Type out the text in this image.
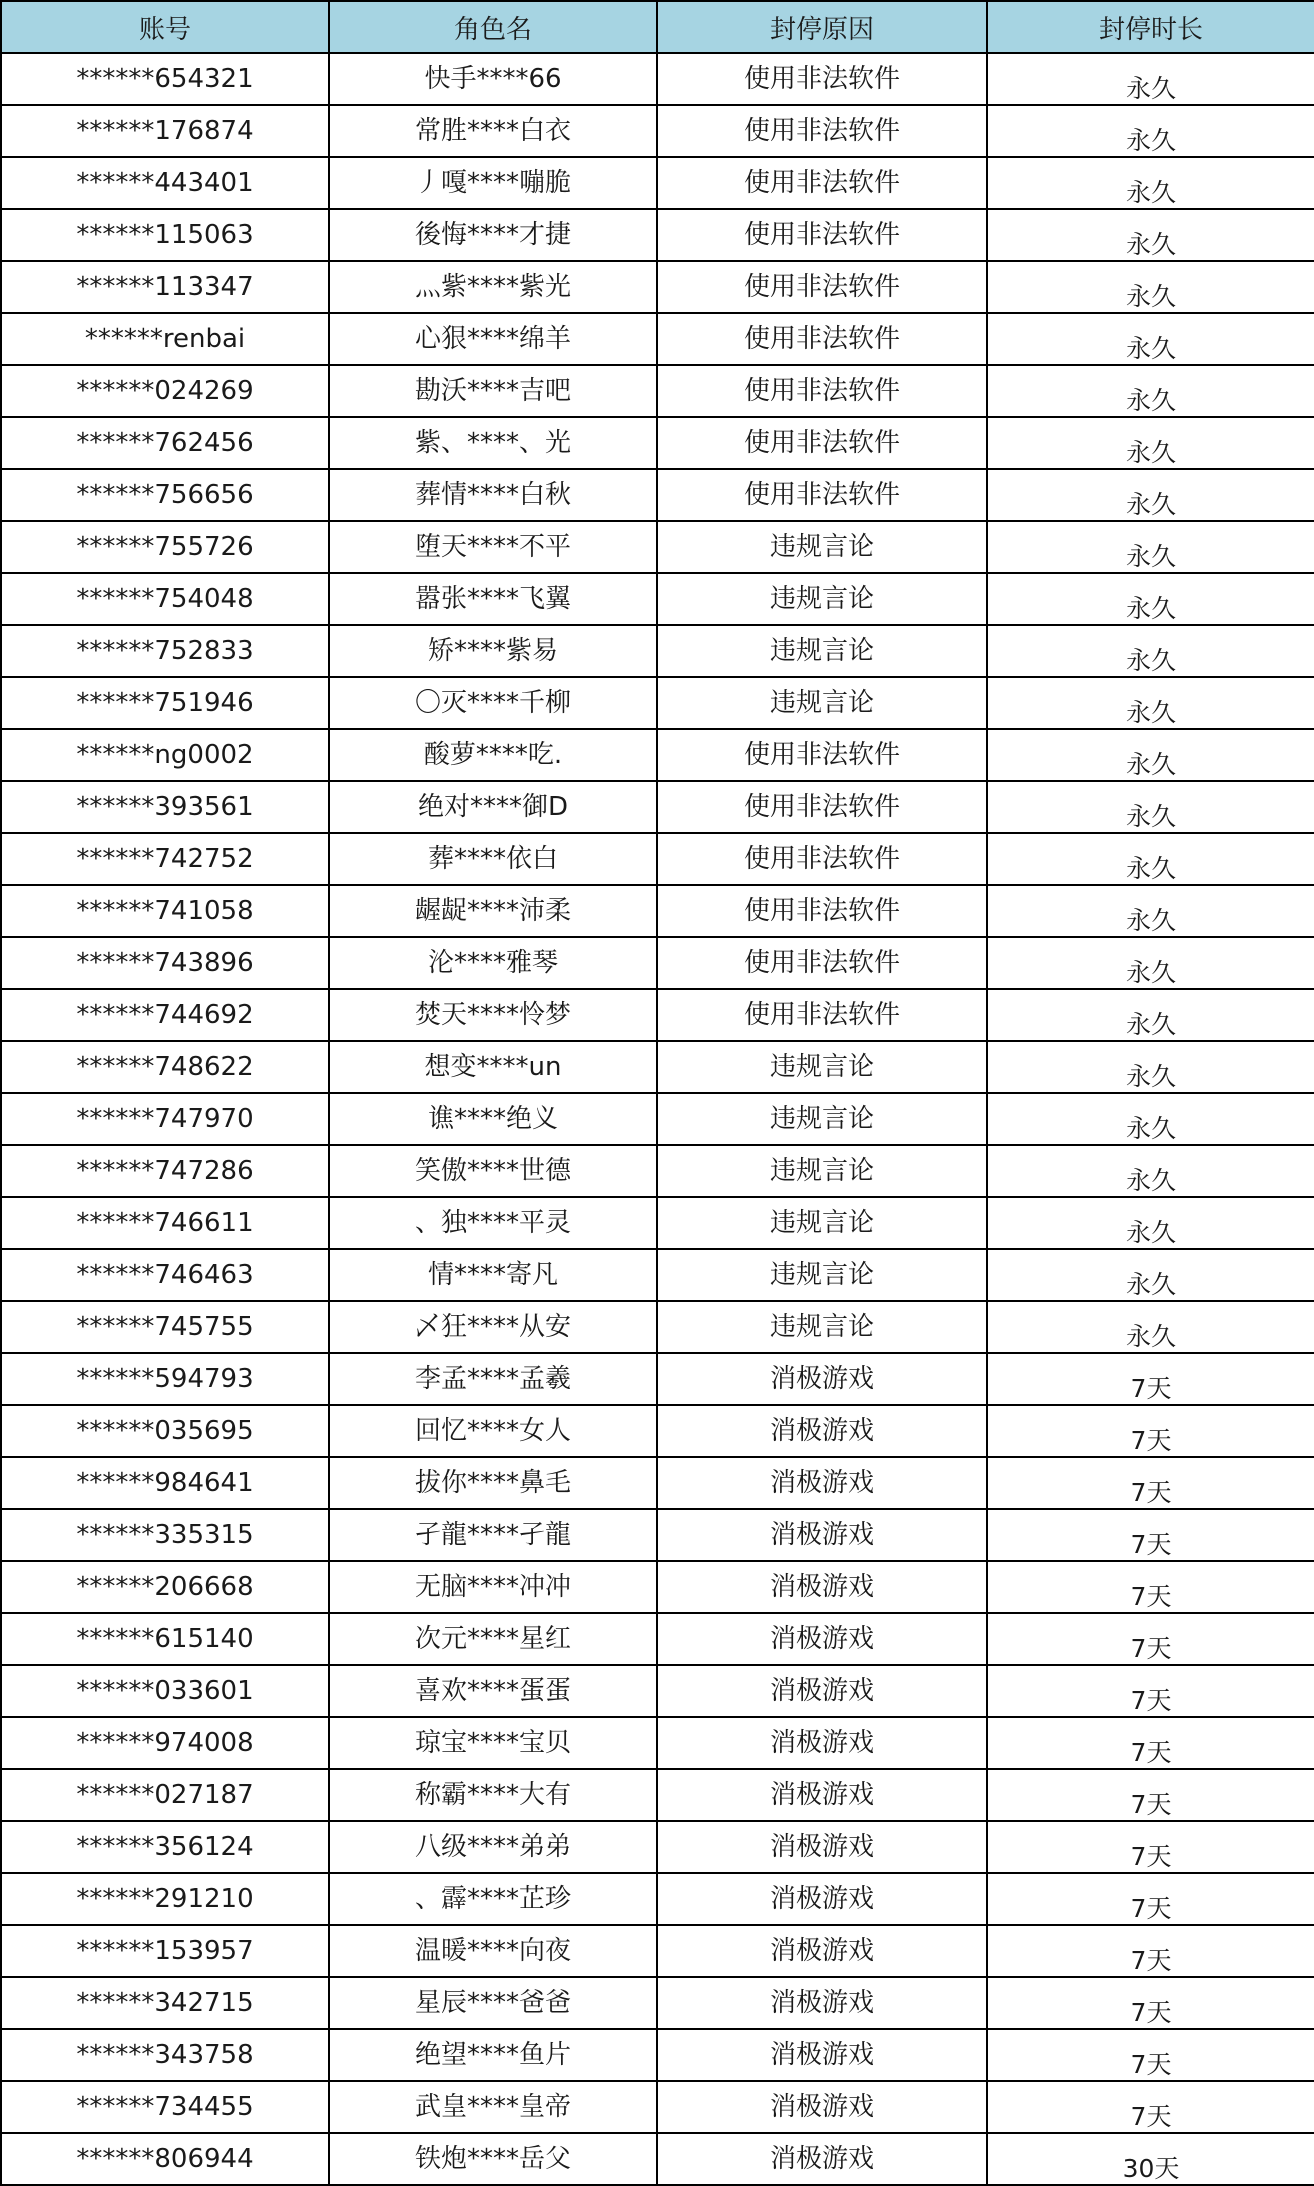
账号	角色名	封停原因	封停时长
******654321	快手****66	使用非法软件	永久
******176874	常胜****白衣	使用非法软件	永久
******443401	丿嘎****嘣脆	使用非法软件	永久
******115063	後悔****才捷	使用非法软件	永久
******113347	灬紫****紫光	使用非法软件	永久
******renbai	心狠****绵羊	使用非法软件	永久
******024269	勘沃****吉吧	使用非法软件	永久
******762456	紫、****、光	使用非法软件	永久
******756656	葬情****白秋	使用非法软件	永久
******755726	堕天****不平	违规言论	永久
******754048	嚣张****飞翼	违规言论	永久
******752833	矫****紫易	违规言论	永久
******751946	〇灭****千柳	违规言论	永久
******ng0002	酸萝****吃.	使用非法软件	永久
******393561	绝对****御D	使用非法软件	永久
******742752	葬****依白	使用非法软件	永久
******741058	龌龊****沛柔	使用非法软件	永久
******743896	沦****雅琴	使用非法软件	永久
******744692	焚天****怜梦	使用非法软件	永久
******748622	想变****un	违规言论	永久
******747970	谯****绝义	违规言论	永久
******747286	笑傲****世德	违规言论	永久
******746611	、独****平灵	违规言论	永久
******746463	情****寄凡	违规言论	永久
******745755	乄狂****从安	违规言论	永久
******594793	李孟****孟羲	消极游戏	7天
******035695	回忆****女人	消极游戏	7天
******984641	拔你****鼻毛	消极游戏	7天
******335315	孑龍****孑龍	消极游戏	7天
******206668	无脑****冲冲	消极游戏	7天
******615140	次元****星红	消极游戏	7天
******033601	喜欢****蛋蛋	消极游戏	7天
******974008	琼宝****宝贝	消极游戏	7天
******027187	称霸****大有	消极游戏	7天
******356124	八级****弟弟	消极游戏	7天
******291210	、霹****芷珍	消极游戏	7天
******153957	温暖****向夜	消极游戏	7天
******342715	星辰****爸爸	消极游戏	7天
******343758	绝望****鱼片	消极游戏	7天
******734455	武皇****皇帝	消极游戏	7天
******806944	铁炮****岳父	消极游戏	30天
